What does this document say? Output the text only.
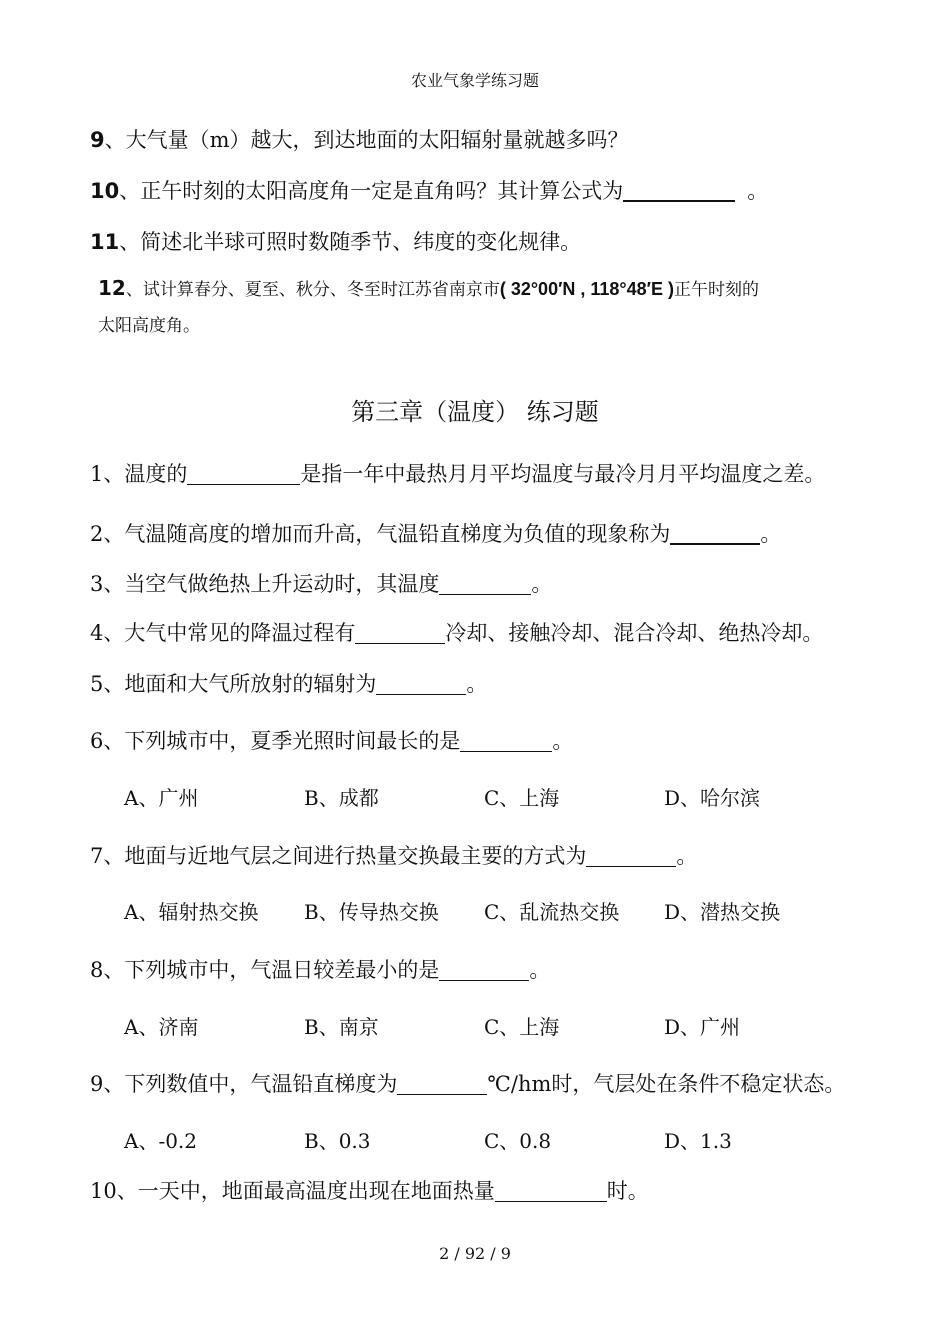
农业气象学练习题
9、大气量（m）越大，到达地面的太阳辐射量就越多吗？
10、正午时刻的太阳高度角一定是直角吗？其计算公式为	。
11、简述北半球可照时数随季节、纬度的变化规律。
12、试计算春分、夏至、秋分、冬至时江苏省南京市( 32°00′N , 118°48′E )正午时刻的
太阳高度角。
第三章（温度） 练习题
1、温度的	是指一年中最热月月平均温度与最冷月月平均温度之差。
2、气温随高度的增加而升高，气温铅直梯度为负值的现象称为	。
3、当空气做绝热上升运动时，其温度	。
4、大气中常见的降温过程有	冷却、接触冷却、混合冷却、绝热冷却。
5、地面和大气所放射的辐射为	。
6、下列城市中，夏季光照时间最长的是	。
A、广州	B、成都	C、上海	D、哈尔滨
7、地面与近地气层之间进行热量交换最主要的方式为	。
A、辐射热交换 B、传导热交换 C、乱流热交换 D、潜热交换
8、下列城市中，气温日较差最小的是	。
A、济南	B、南京	C、上海	D、广州
9、下列数值中，气温铅直梯度为	℃/hm时，气层处在条件不稳定状态。
A、-0.2	B、0.3	C、0.8	D、1.3
10、一天中，地面最高温度出现在地面热量	时。
2 / 92 / 9
